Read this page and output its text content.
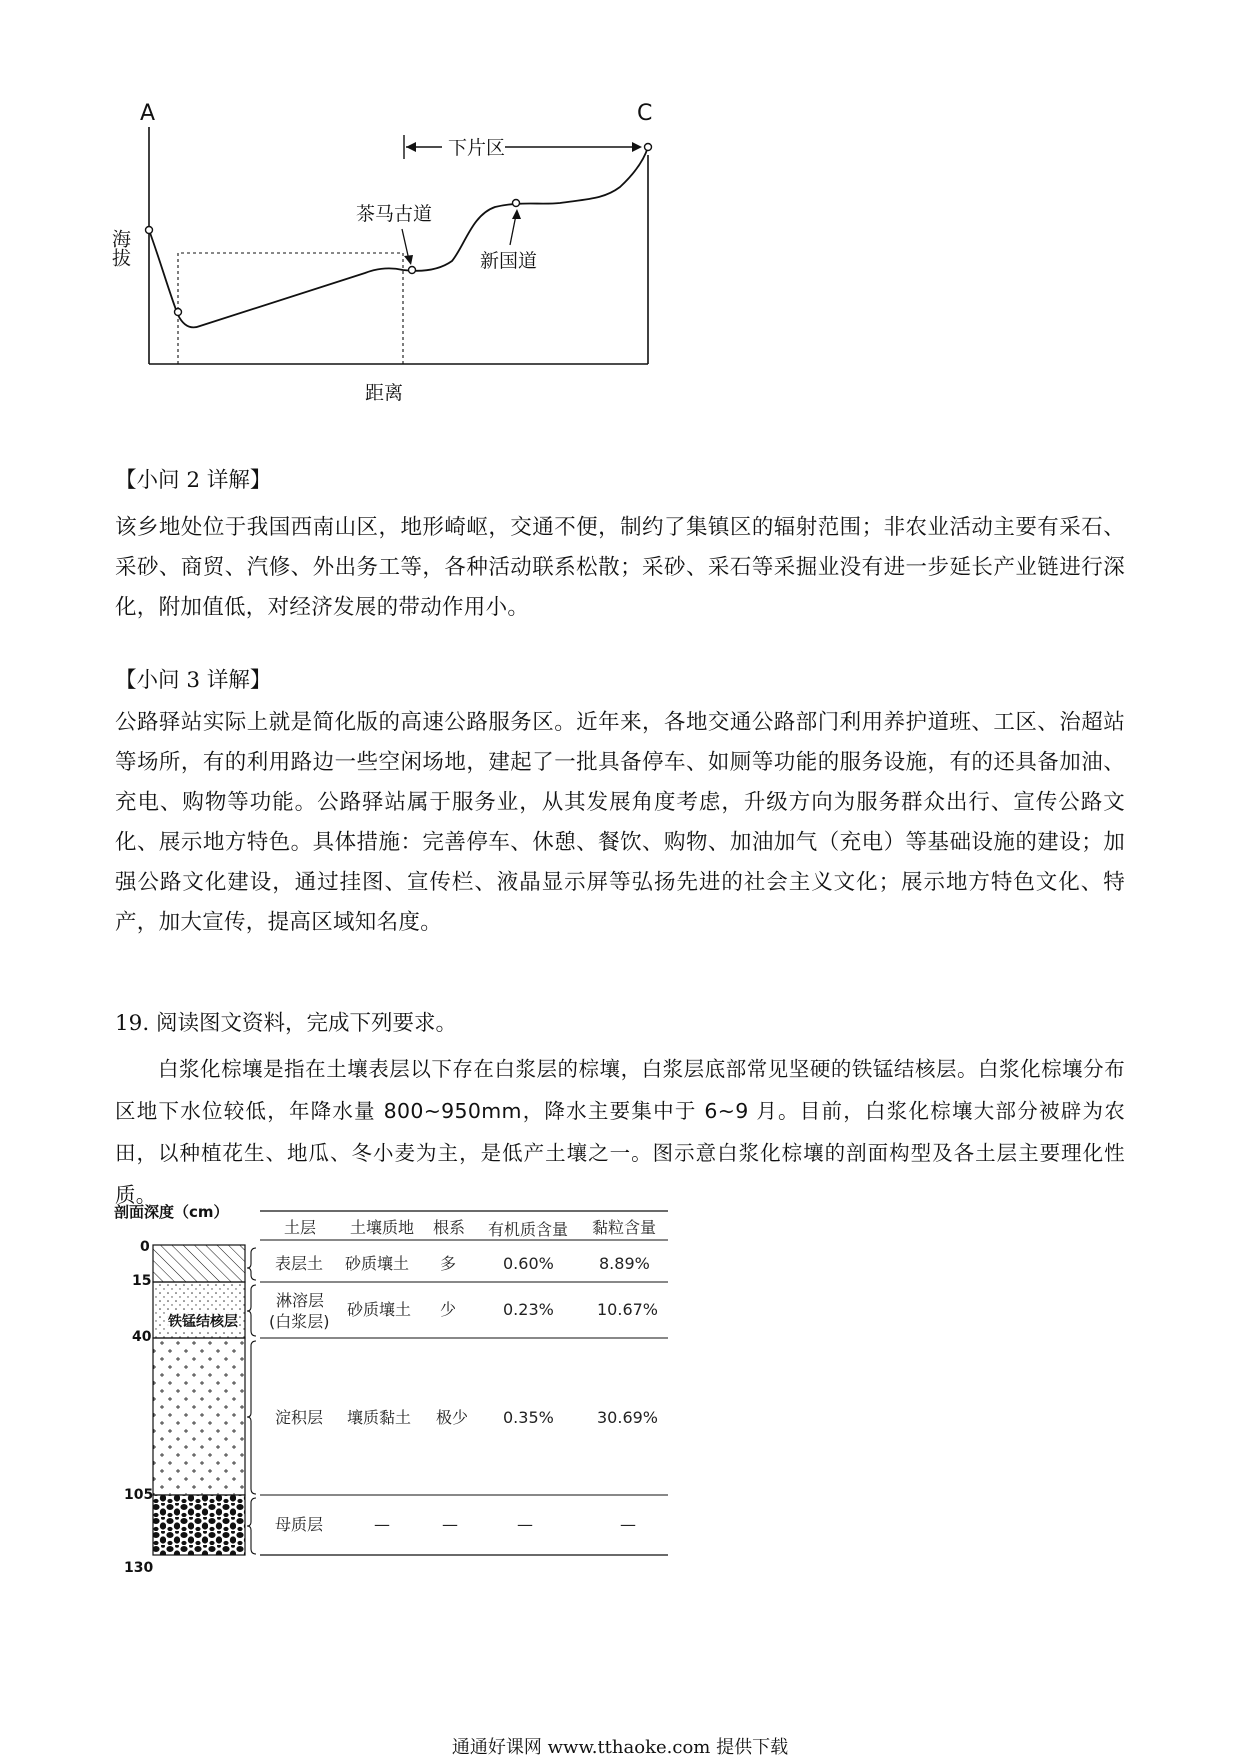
A	C
海拔
距离
下片区
茶马古道
新国道
【小问 2 详解】
该乡地处位于我国西南山区，地形崎岖，交通不便，制约了集镇区的辐射范围；非农业活动主要有采石、采砂、商贸、汽修、外出务工等，各种活动联系松散；采砂、采石等采掘业没有进一步延长产业链进行深化，附加值低，对经济发展的带动作用小。
【小问 3 详解】
公路驿站实际上就是简化版的高速公路服务区。近年来，各地交通公路部门利用养护道班、工区、治超站等场所，有的利用路边一些空闲场地，建起了一批具备停车、如厕等功能的服务设施，有的还具备加油、充电、购物等功能。公路驿站属于服务业，从其发展角度考虑，升级方向为服务群众出行、宣传公路文化、展示地方特色。具体措施：完善停车、休憩、餐饮、购物、加油加气（充电）等基础设施的建设；加强公路文化建设，通过挂图、宣传栏、液晶显示屏等弘扬先进的社会主义文化；展示地方特色文化、特产，加大宣传，提高区域知名度。
19. 阅读图文资料，完成下列要求。
白浆化棕壤是指在土壤表层以下存在白浆层的棕壤，白浆层底部常见坚硬的铁锰结核层。白浆化棕壤分布区地下水位较低，年降水量 800~950mm，降水主要集中于 6~9 月。目前，白浆化棕壤大部分被辟为农田，以种植花生、地瓜、冬小麦为主，是低产土壤之一。图示意白浆化棕壤的剖面构型及各土层主要理化性质。
剖面深度（cm）
0
15
40
105
130
铁锰结核层
土层 土壤质地 根系 有机质含量 黏粒含量
表层土 砂质壤土 多	0.60%	8.89%
淋溶层
(白浆层)
砂质壤土 少	0.23%	10.67%
淀积层 壤质黏土 极少 0.35%	30.69%
母质层	—	—	—	—
通通好课网 www.tthaoke.com 提供下载
